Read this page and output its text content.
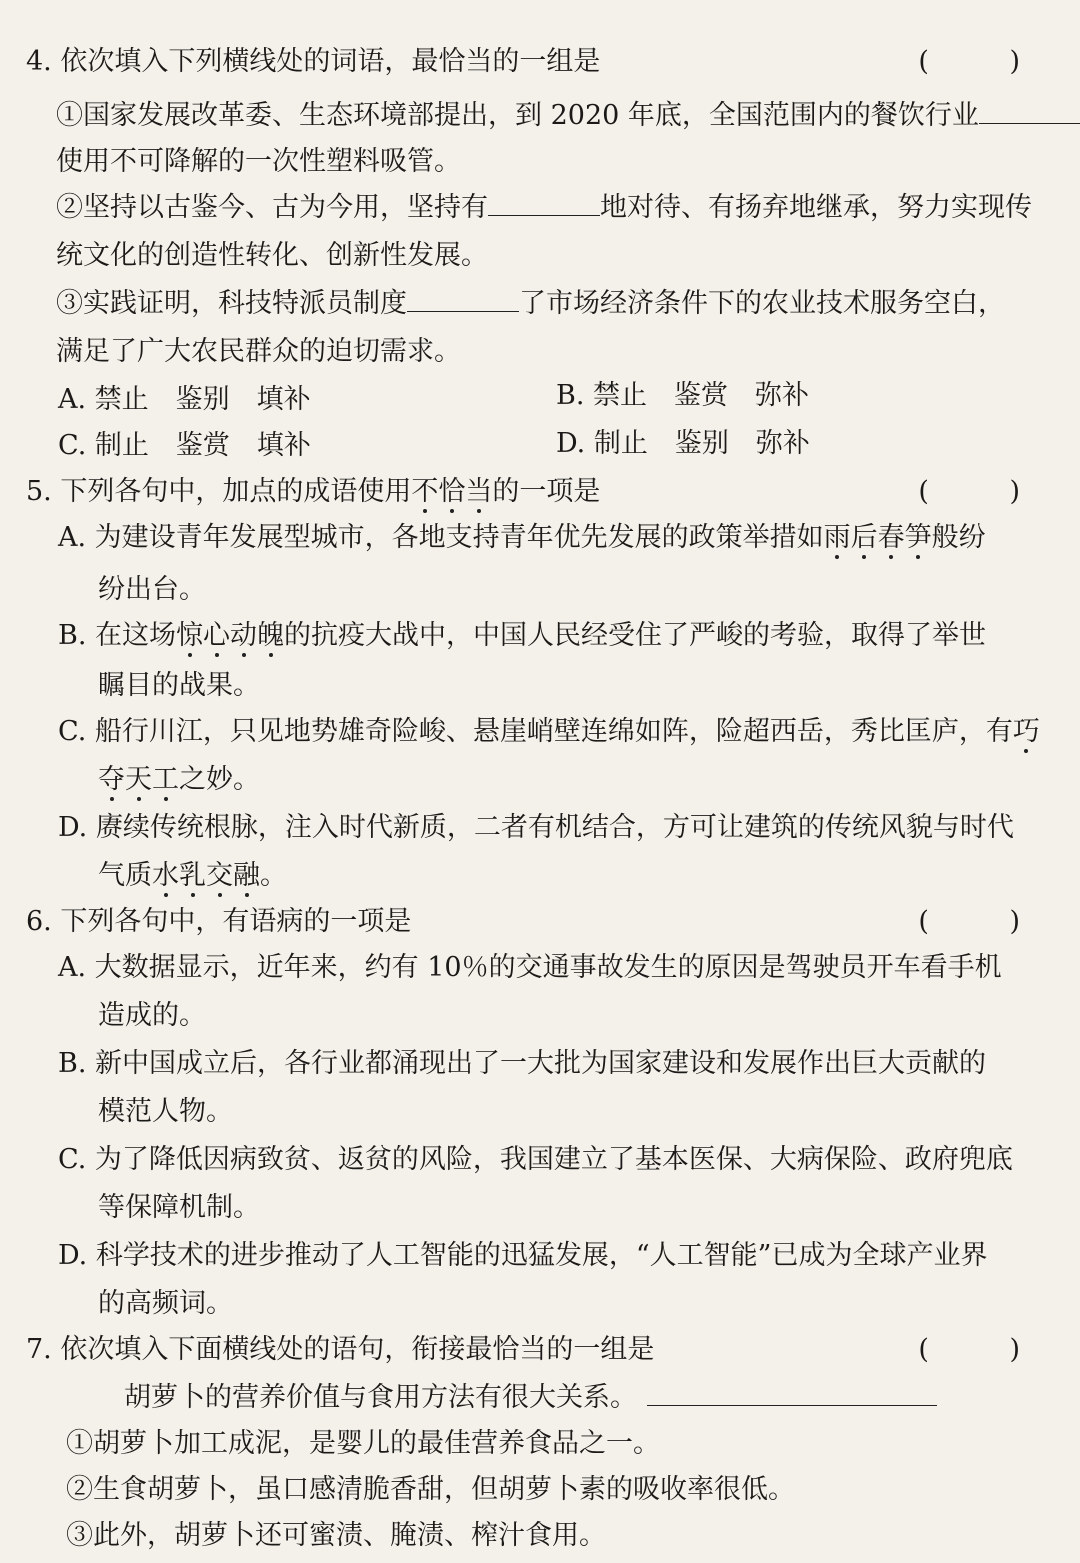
4. 依次填入下列横线处的词语，最恰当的一组是	( )
①国家发展改革委、生态环境部提出，到 2020 年底，全国范围内的餐饮行业
使用不可降解的一次性塑料吸管。
②坚持以古鉴今、古为今用，坚持有	地对待、有扬弃地继承，努力实现传
统文化的创造性转化、创新性发展。
③实践证明，科技特派员制度	了市场经济条件下的农业技术服务空白，
满足了广大农民群众的迫切需求。
A. 禁止　鉴别　填补	B. 禁止　鉴赏　弥补
C. 制止　鉴赏　填补	D. 制止　鉴别　弥补
5. 下列各句中，加点的成语使用不恰当的一项是	( )
A. 为建设青年发展型城市，各地支持青年优先发展的政策举措如雨后春笋般纷
纷出台。
B. 在这场惊心动魄的抗疫大战中，中国人民经受住了严峻的考验，取得了举世
瞩目的战果。
C. 船行川江，只见地势雄奇险峻、悬崖峭壁连绵如阵，险超西岳，秀比匡庐，有巧
夺天工之妙。
D. 赓续传统根脉，注入时代新质，二者有机结合，方可让建筑的传统风貌与时代
气质水乳交融。
6. 下列各句中，有语病的一项是	( )
A. 大数据显示，近年来，约有 10％的交通事故发生的原因是驾驶员开车看手机
造成的。
B. 新中国成立后，各行业都涌现出了一大批为国家建设和发展作出巨大贡献的
模范人物。
C. 为了降低因病致贫、返贫的风险，我国建立了基本医保、大病保险、政府兜底
等保障机制。
D. 科学技术的进步推动了人工智能的迅猛发展，“人工智能”已成为全球产业界
的高频词。
7. 依次填入下面横线处的语句，衔接最恰当的一组是	( )
胡萝卜的营养价值与食用方法有很大关系。
①胡萝卜加工成泥，是婴儿的最佳营养食品之一。
②生食胡萝卜，虽口感清脆香甜，但胡萝卜素的吸收率很低。
③此外，胡萝卜还可蜜渍、腌渍、榨汁食用。
